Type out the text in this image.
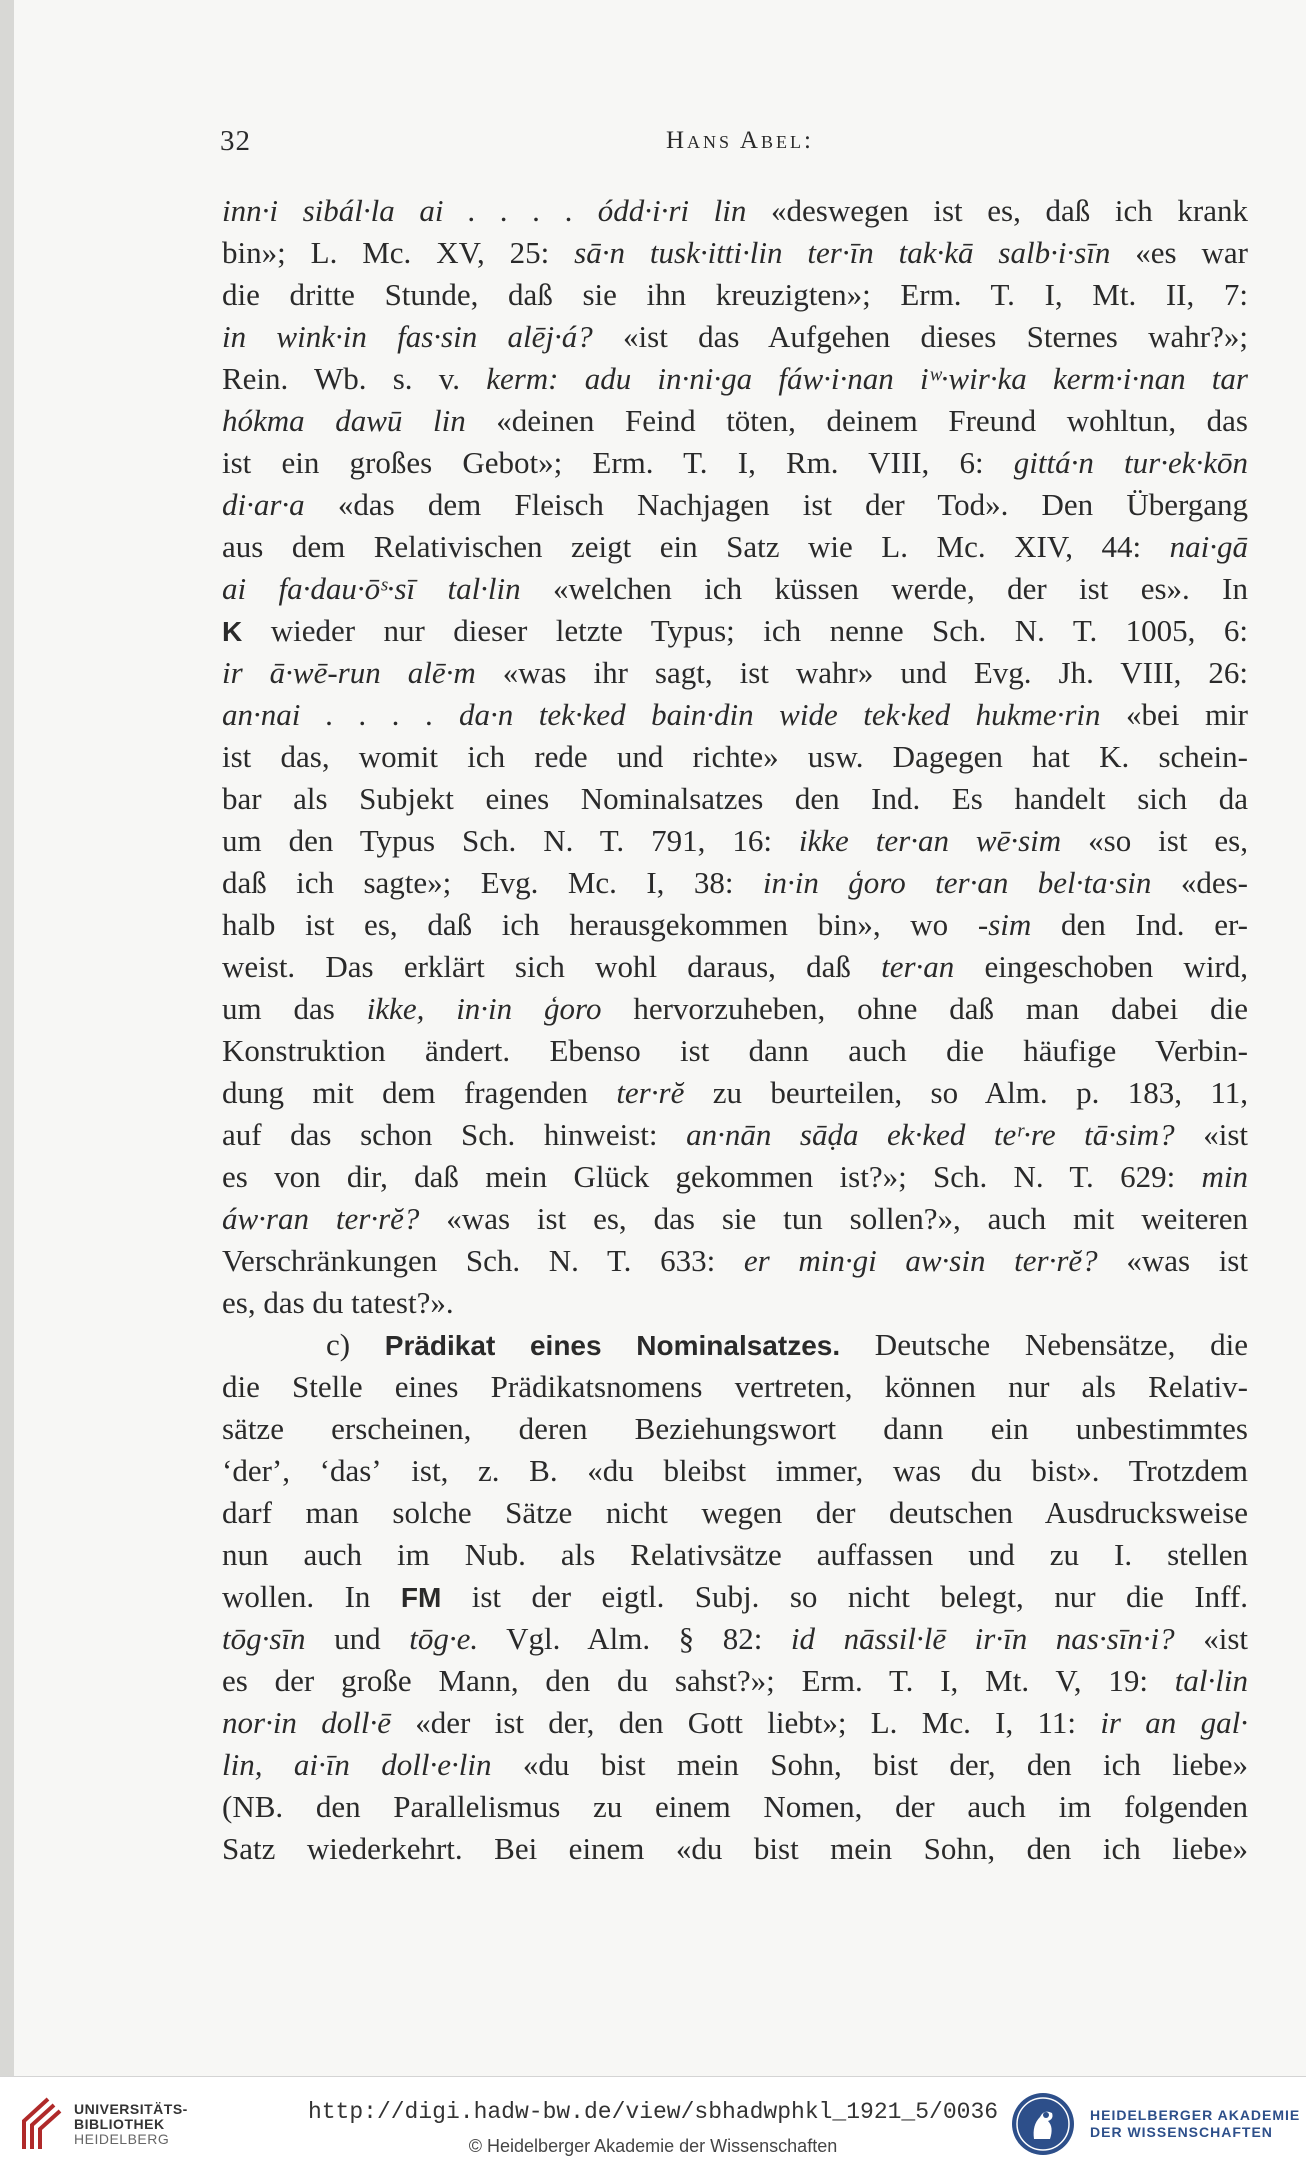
32	Hans Abel:
inn·i sibál·la ai . . . . ódd·i·ri lin «deswegen ist es, daß ich krank
bin»; L. Mc. XV, 25: sā·n tusk·itti·lin ter·īn tak·kā salb·i·sīn «es war
die dritte Stunde, daß sie ihn kreuzigten»; Erm. T. I, Mt. II, 7:
in wink·in fas·sin alēj·á? «ist das Aufgehen dieses Sternes wahr?»;
Rein. Wb. s. v. kerm: adu in·ni·ga fáw·i·nan iʷ·wir·ka kerm·i·nan tar
hókma dawū lin «deinen Feind töten, deinem Freund wohltun, das
ist ein großes Gebot»; Erm. T. I, Rm. VIII, 6: gittá·n tur·ek·kōn
di·ar·a «das dem Fleisch Nachjagen ist der Tod». Den Übergang
aus dem Relativischen zeigt ein Satz wie L. Mc. XIV, 44: nai·gā
ai fa·dau·ōˢ·sī tal·lin «welchen ich küssen werde, der ist es». In
K wieder nur dieser letzte Typus; ich nenne Sch. N. T. 1005, 6:
ir ā·wē-run alē·m «was ihr sagt, ist wahr» und Evg. Jh. VIII, 26:
an·nai . . . . da·n tek·ked bain·din wide tek·ked hukme·rin «bei mir
ist das, womit ich rede und richte» usw. Dagegen hat K. schein-
bar als Subjekt eines Nominalsatzes den Ind. Es handelt sich da
um den Typus Sch. N. T. 791, 16: ikke ter·an wē·sim «so ist es,
daß ich sagte»; Evg. Mc. I, 38: in·in ģoro ter·an bel·ta·sin «des-
halb ist es, daß ich herausgekommen bin», wo -sim den Ind. er-
weist. Das erklärt sich wohl daraus, daß ter·an eingeschoben wird,
um das ikke, in·in ģoro hervorzuheben, ohne daß man dabei die
Konstruktion ändert. Ebenso ist dann auch die häufige Verbin-
dung mit dem fragenden ter·rĕ zu beurteilen, so Alm. p. 183, 11,
auf das schon Sch. hinweist: an·nān sāḍa ek·ked teʳ·re tā·sim? «ist
es von dir, daß mein Glück gekommen ist?»; Sch. N. T. 629: min
áw·ran ter·rĕ? «was ist es, das sie tun sollen?», auch mit weiteren
Verschränkungen Sch. N. T. 633: er min·gi aw·sin ter·rĕ? «was ist
es, das du tatest?».
c) Prädikat eines Nominalsatzes. Deutsche Nebensätze, die
die Stelle eines Prädikatsnomens vertreten, können nur als Relativ-
sätze erscheinen, deren Beziehungswort dann ein unbestimmtes
ʻderʼ, ʻdasʼ ist, z. B. «du bleibst immer, was du bist». Trotzdem
darf man solche Sätze nicht wegen der deutschen Ausdrucksweise
nun auch im Nub. als Relativsätze auffassen und zu I. stellen
wollen. In FM ist der eigtl. Subj. so nicht belegt, nur die Inff.
tōg·sīn und tōg·e. Vgl. Alm. § 82: id nāssil·lē ir·īn nas·sīn·i? «ist
es der große Mann, den du sahst?»; Erm. T. I, Mt. V, 19: tal·lin
nor·in doll·ē «der ist der, den Gott liebt»; L. Mc. I, 11: ir an gal·
lin, ai·īn doll·e·lin «du bist mein Sohn, bist der, den ich liebe»
(NB. den Parallelismus zu einem Nomen, der auch im folgenden
Satz wiederkehrt. Bei einem «du bist mein Sohn, den ich liebe»
UNIVERSITÄTS-
BIBLIOTHEK
HEIDELBERG
http://digi.hadw-bw.de/view/sbhadwphkl_1921_5/0036
© Heidelberger Akademie der Wissenschaften
HEIDELBERGER AKADEMIE
DER WISSENSCHAFTEN
